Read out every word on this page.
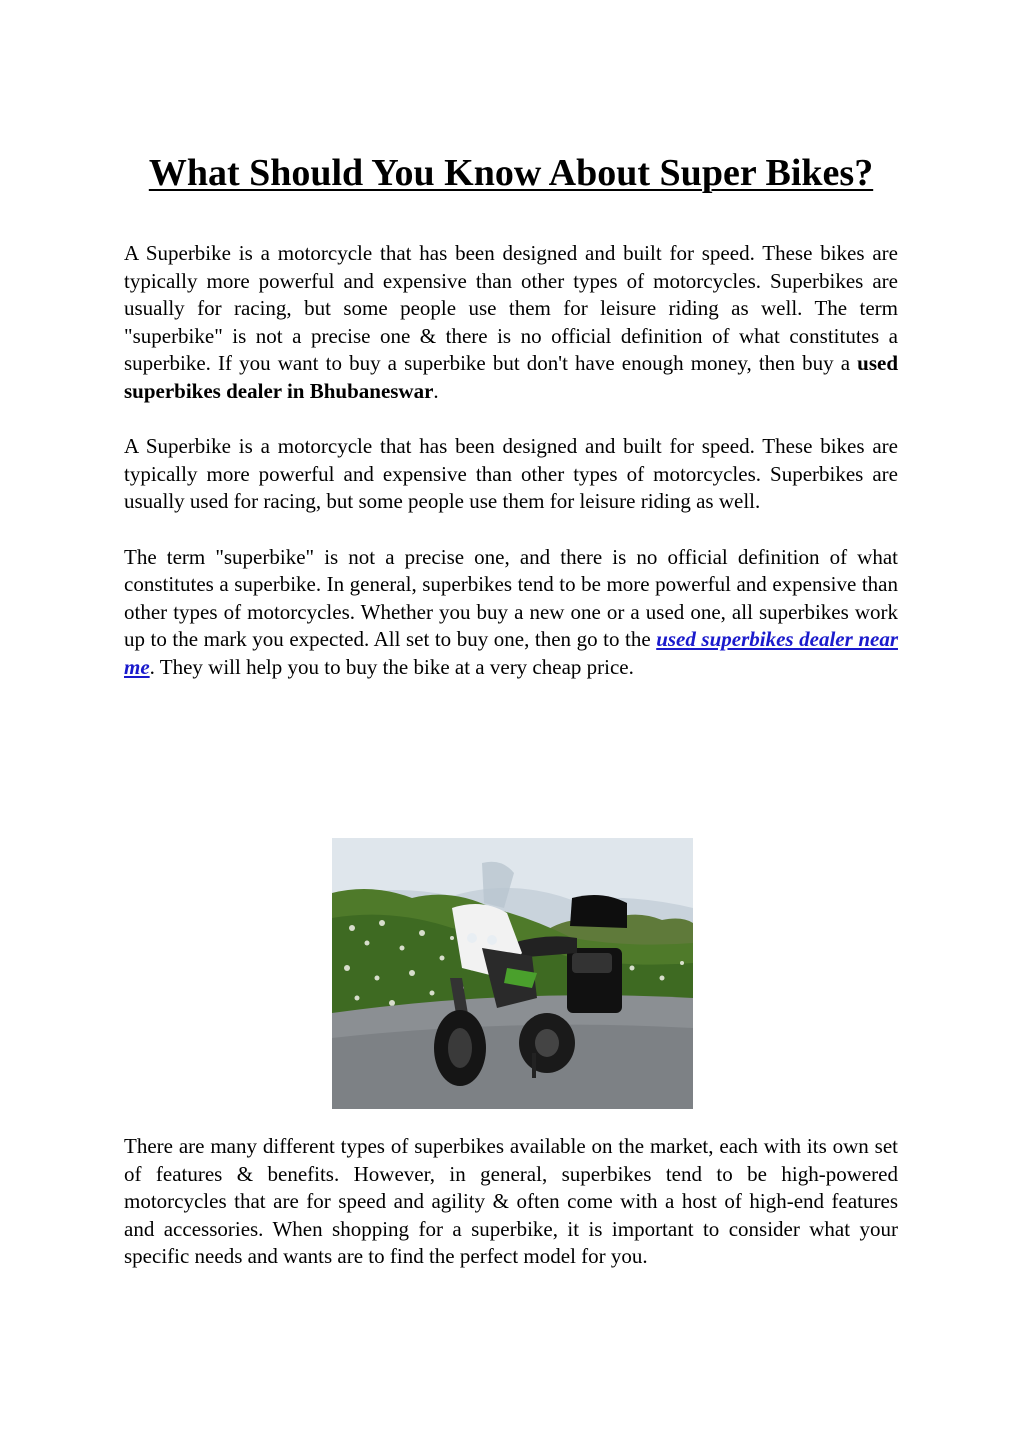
What Should You Know About Super Bikes?

A Superbike is a motorcycle that has been designed and built for speed. These bikes are typically more powerful and expensive than other types of motorcycles. Superbikes are usually for racing, but some people use them for leisure riding as well. The term "superbike" is not a precise one & there is no official definition of what constitutes a superbike. If you want to buy a superbike but don't have enough money, then buy a used superbikes dealer in Bhubaneswar.

A Superbike is a motorcycle that has been designed and built for speed. These bikes are typically more powerful and expensive than other types of motorcycles. Superbikes are usually used for racing, but some people use them for leisure riding as well.

The term "superbike" is not a precise one, and there is no official definition of what constitutes a superbike. In general, superbikes tend to be more powerful and expensive than other types of motorcycles. Whether you buy a new one or a used one, all superbikes work up to the mark you expected. All set to buy one, then go to the used superbikes dealer near me. They will help you to buy the bike at a very cheap price.

There are many different types of superbikes available on the market, each with its own set of features & benefits. However, in general, superbikes tend to be high-powered motorcycles that are for speed and agility & often come with a host of high-end features and accessories. When shopping for a superbike, it is important to consider what your specific needs and wants are to find the perfect model for you.
